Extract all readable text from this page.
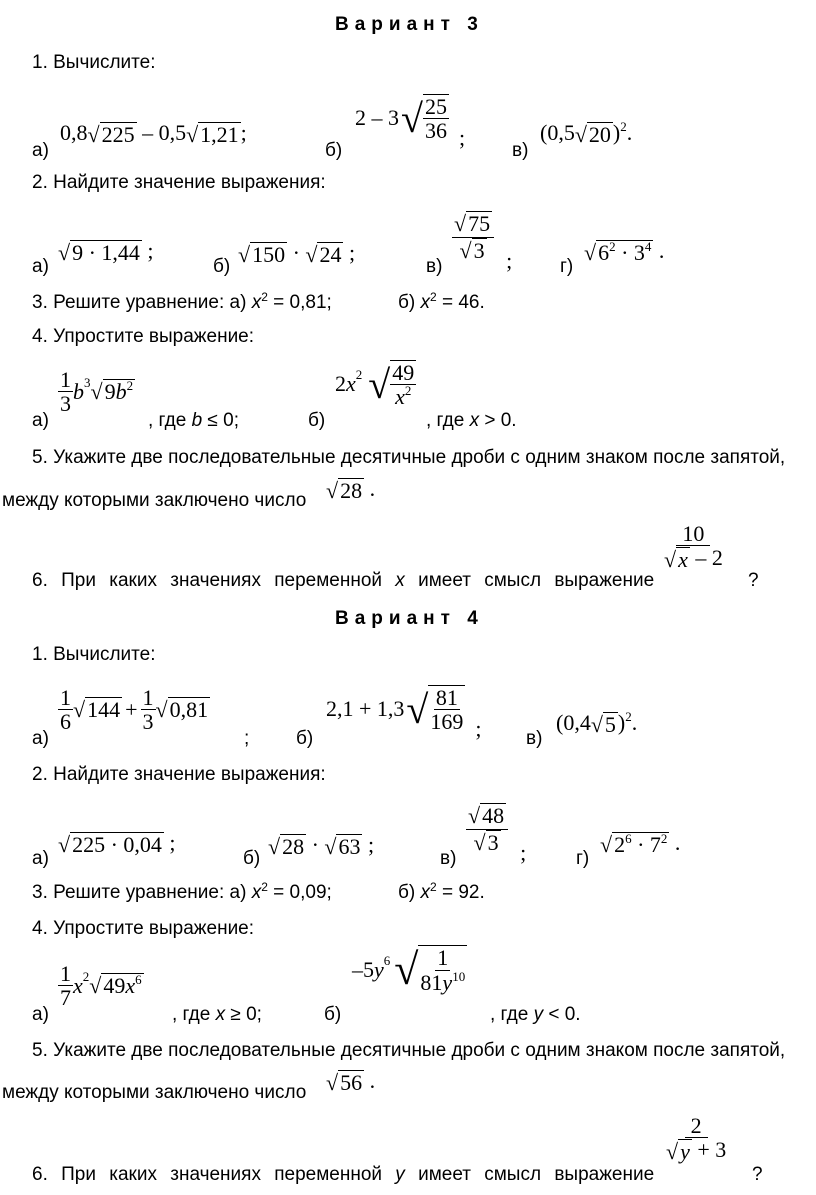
Вариант 3
1. Вычислите:
а)
0,8√225 – 0,5√1,21;
б)
2 – 3 √ $\frac{25}{36}$ ;
в)
$(0,5√20)^2$.
2. Найдите значение выражения:
а)
√9 · 1,44 ;
б) √150 · √24 ;
в)
$\frac{√75}{√3}$ ;	г)
$√6^2 \cdot 3^4$ .
3. Решите уравнение: а) $x^2 = 0,81$;	б) $x^2 = 46$.
4. Упростите выражение:
а)
$\frac{1}{3}$ b 3 $√9b^2$
, где b ≤ 0;	б)
2 x 2 √ $\frac{49}{x^2}$
, где x > 0.
5. Укажите две последовательные десятичные дроби с одним знаком после запятой,
между которыми заключено число √28 .
6. При каких значениях переменной x имеет смысл выражение
$\frac{10}{√x - 2}$
?
Вариант 4
1. Вычислите:
а)
$\frac{1}{6} √144 + \frac{1}{3} √0,81$
; б)
2,1 + 1,3 √ $\frac{81}{169}$ ; в)
$(0,4√5)^2$.
2. Найдите значение выражения:
а)
√225 · 0,04 ;
б) √28 · √63 ;
в)
$\frac{√48}{√3}$ ;	г)
$√2^6 \cdot 7^2$ .
3. Решите уравнение: а) $x^2 = 0,09$;	б) $x^2 = 92$.
4. Упростите выражение:
а)
$\frac{1}{7}$ x 2 $√49x^6$
, где x ≥ 0;	б)
–5 y 6 √ $\frac{1}{81y^{10}}$
, где y < 0.
5. Укажите две последовательные десятичные дроби с одним знаком после запятой,
между которыми заключено число √56 .
6. При каких значениях переменной y имеет смысл выражение
$\frac{2}{√y + 3}$
?
